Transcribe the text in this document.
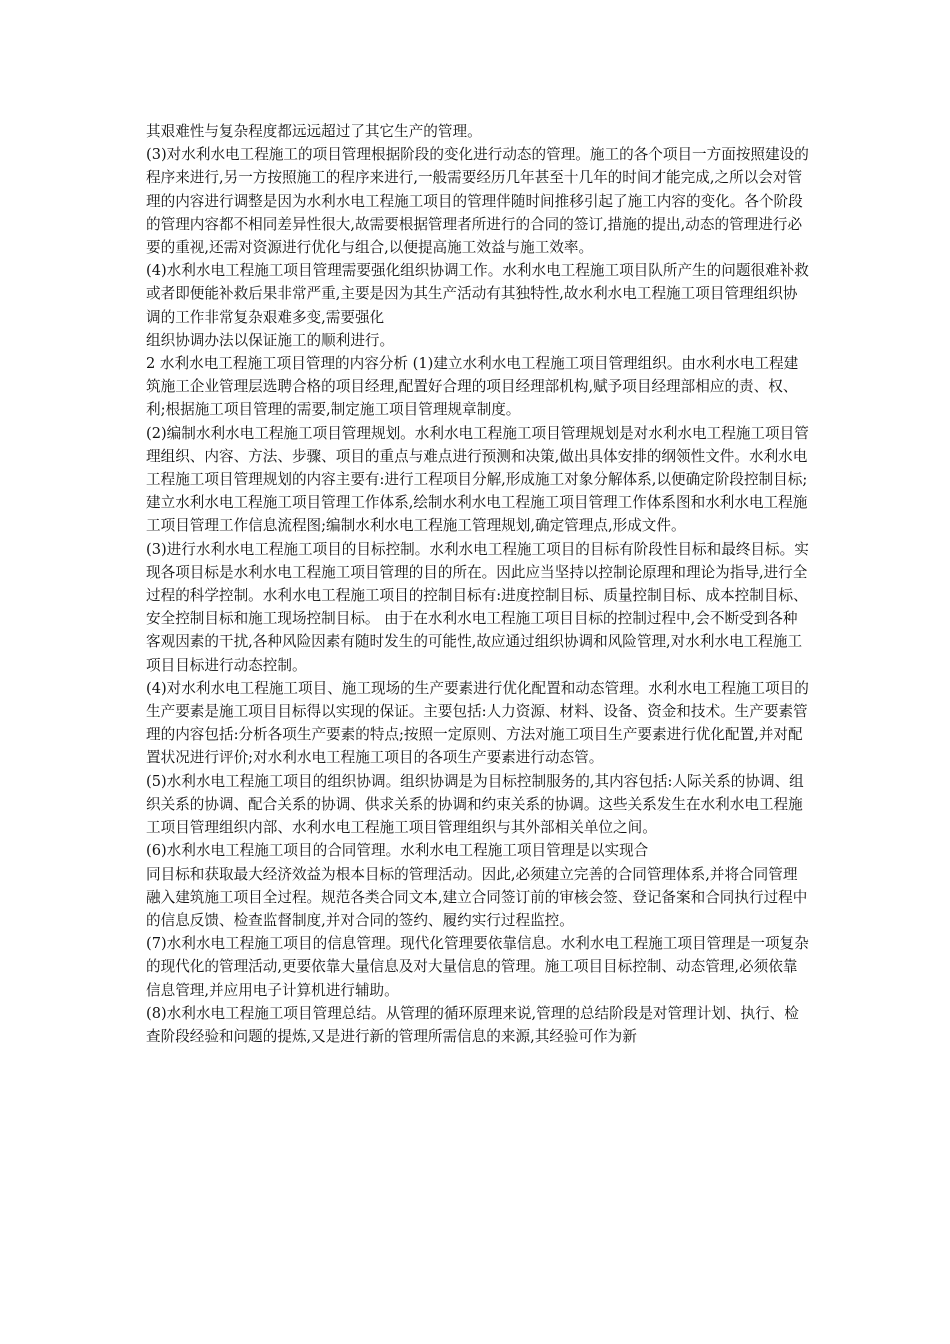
其艰难性与复杂程度都远远超过了其它生产的管理。

(3)对水利水电工程施工的项目管理根据阶段的变化进行动态的管理。施工的各个项目一方面按照建设的程序来进行,另一方按照施工的程序来进行,一般需要经历几年甚至十几年的时间才能完成,之所以会对管理的内容进行调整是因为水利水电工程施工项目的管理伴随时间推移引起了施工内容的变化。各个阶段的管理内容都不相同差异性很大,故需要根据管理者所进行的合同的签订,措施的提出,动态的管理进行必要的重视,还需对资源进行优化与组合,以便提高施工效益与施工效率。

(4)水利水电工程施工项目管理需要强化组织协调工作。水利水电工程施工项目队所产生的问题很难补救或者即便能补救后果非常严重,主要是因为其生产活动有其独特性,故水利水电工程施工项目管理组织协调的工作非常复杂艰难多变,需要强化

组织协调办法以保证施工的顺利进行。

2 水利水电工程施工项目管理的内容分析 (1)建立水利水电工程施工项目管理组织。由水利水电工程建筑施工企业管理层选聘合格的项目经理,配置好合理的项目经理部机构,赋予项目经理部相应的责、权、利;根据施工项目管理的需要,制定施工项目管理规章制度。

(2)编制水利水电工程施工项目管理规划。水利水电工程施工项目管理规划是对水利水电工程施工项目管理组织、内容、方法、步骤、项目的重点与难点进行预测和决策,做出具体安排的纲领性文件。水利水电工程施工项目管理规划的内容主要有:进行工程项目分解,形成施工对象分解体系,以便确定阶段控制目标;建立水利水电工程施工项目管理工作体系,绘制水利水电工程施工项目管理工作体系图和水利水电工程施工项目管理工作信息流程图;编制水利水电工程施工管理规划,确定管理点,形成文件。

(3)进行水利水电工程施工项目的目标控制。水利水电工程施工项目的目标有阶段性目标和最终目标。实现各项目标是水利水电工程施工项目管理的目的所在。因此应当坚持以控制论原理和理论为指导,进行全过程的科学控制。水利水电工程施工项目的控制目标有:进度控制目标、质量控制目标、成本控制目标、安全控制目标和施工现场控制目标。 由于在水利水电工程施工项目目标的控制过程中,会不断受到各种客观因素的干扰,各种风险因素有随时发生的可能性,故应通过组织协调和风险管理,对水利水电工程施工项目目标进行动态控制。

(4)对水利水电工程施工项目、施工现场的生产要素进行优化配置和动态管理。水利水电工程施工项目的生产要素是施工项目目标得以实现的保证。主要包括:人力资源、材料、设备、资金和技术。生产要素管理的内容包括:分析各项生产要素的特点;按照一定原则、方法对施工项目生产要素进行优化配置,并对配置状况进行评价;对水利水电工程施工项目的各项生产要素进行动态管。

(5)水利水电工程施工项目的组织协调。组织协调是为目标控制服务的,其内容包括:人际关系的协调、组织关系的协调、配合关系的协调、供求关系的协调和约束关系的协调。这些关系发生在水利水电工程施工项目管理组织内部、水利水电工程施工项目管理组织与其外部相关单位之间。

(6)水利水电工程施工项目的合同管理。水利水电工程施工项目管理是以实现合

同目标和获取最大经济效益为根本目标的管理活动。因此,必须建立完善的合同管理体系,并将合同管理融入建筑施工项目全过程。规范各类合同文本,建立合同签订前的审核会签、登记备案和合同执行过程中的信息反馈、检查监督制度,并对合同的签约、履约实行过程监控。

(7)水利水电工程施工项目的信息管理。现代化管理要依靠信息。水利水电工程施工项目管理是一项复杂的现代化的管理活动,更要依靠大量信息及对大量信息的管理。施工项目目标控制、动态管理,必须依靠信息管理,并应用电子计算机进行辅助。

(8)水利水电工程施工项目管理总结。从管理的循环原理来说,管理的总结阶段是对管理计划、执行、检查阶段经验和问题的提炼,又是进行新的管理所需信息的来源,其经验可作为新
